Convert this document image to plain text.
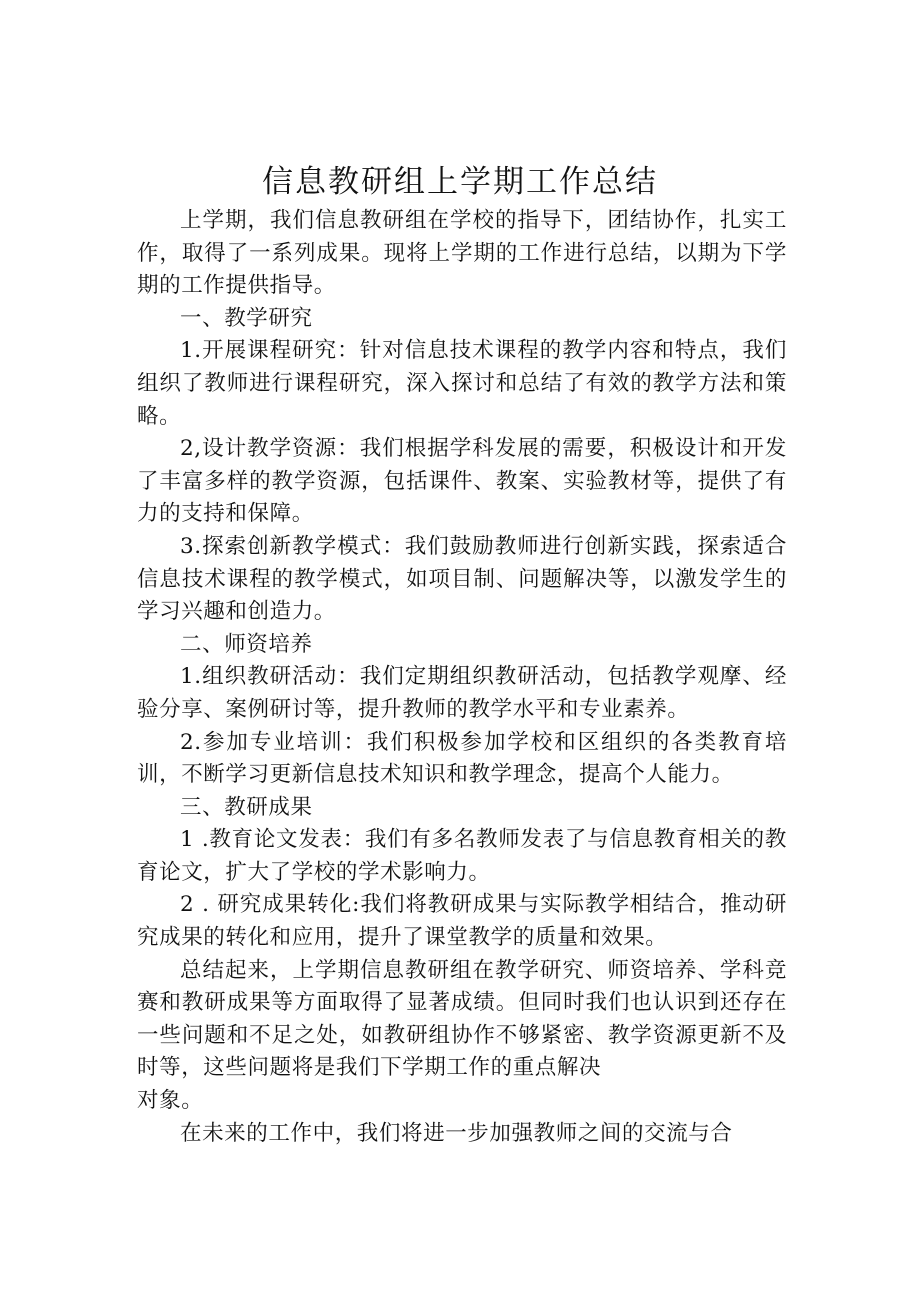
信息教研组上学期工作总结

上学期，我们信息教研组在学校的指导下，团结协作，扎实工作，取得了一系列成果。现将上学期的工作进行总结，以期为下学期的工作提供指导。

一、教学研究

1.开展课程研究：针对信息技术课程的教学内容和特点，我们组织了教师进行课程研究，深入探讨和总结了有效的教学方法和策略。

2,设计教学资源：我们根据学科发展的需要，积极设计和开发了丰富多样的教学资源，包括课件、教案、实验教材等，提供了有力的支持和保障。

3.探索创新教学模式：我们鼓励教师进行创新实践，探索适合信息技术课程的教学模式，如项目制、问题解决等，以激发学生的学习兴趣和创造力。

二、师资培养

1.组织教研活动：我们定期组织教研活动，包括教学观摩、经验分享、案例研讨等，提升教师的教学水平和专业素养。

2.参加专业培训：我们积极参加学校和区组织的各类教育培训，不断学习更新信息技术知识和教学理念，提高个人能力。

三、教研成果

1 .教育论文发表：我们有多名教师发表了与信息教育相关的教育论文，扩大了学校的学术影响力。

2 . 研究成果转化:我们将教研成果与实际教学相结合，推动研究成果的转化和应用，提升了课堂教学的质量和效果。

总结起来，上学期信息教研组在教学研究、师资培养、学科竞赛和教研成果等方面取得了显著成绩。但同时我们也认识到还存在一些问题和不足之处，如教研组协作不够紧密、教学资源更新不及时等，这些问题将是我们下学期工作的重点解决

对象。

在未来的工作中，我们将进一步加强教师之间的交流与合
